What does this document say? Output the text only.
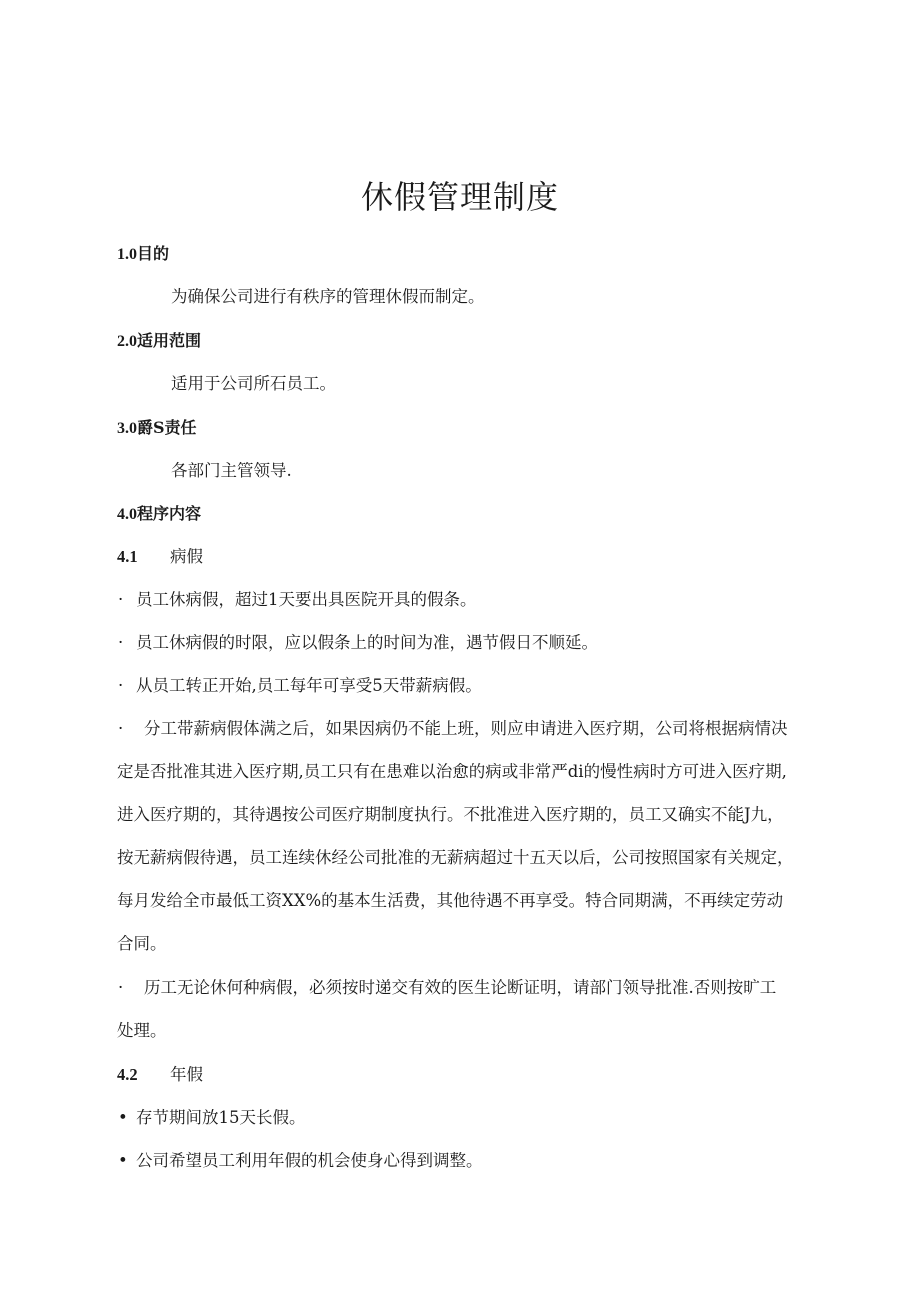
休假管理制度
1.0目的
为确保公司进行有秩序的管理休假而制定。
2.0适用范围
适用于公司所石员工。
3.0爵S责任
各部门主管领导.
4.0程序内容
4.1 病假
· 员工休病假，超过1天要出具医院开具的假条。
· 员工休病假的时限，应以假条上的时间为准，遇节假日不顺延。
· 从员工转正开始,员工每年可享受5天带薪病假。
· 分工带薪病假体满之后，如果因病仍不能上班，则应申请进入医疗期，公司将根据病情决
定是否批准其进入医疗期,员工只有在患难以治愈的病或非常严di的慢性病时方可进入医疗期,
进入医疗期的，其待遇按公司医疗期制度执行。不批准进入医疗期的，员工又确实不能J九，
按无薪病假待遇，员工连续休经公司批准的无薪病超过十五天以后，公司按照国家有关规定，
每月发给全市最低工资XX%的基本生活费，其他待遇不再享受。特合同期满，不再续定劳动
合同。
· 历工无论休何种病假，必须按时递交有效的医生论断证明，请部门领导批准.否则按旷工
处理。
4.2 年假
• 存节期间放15天长假。
• 公司希望员工利用年假的机会使身心得到调整。
